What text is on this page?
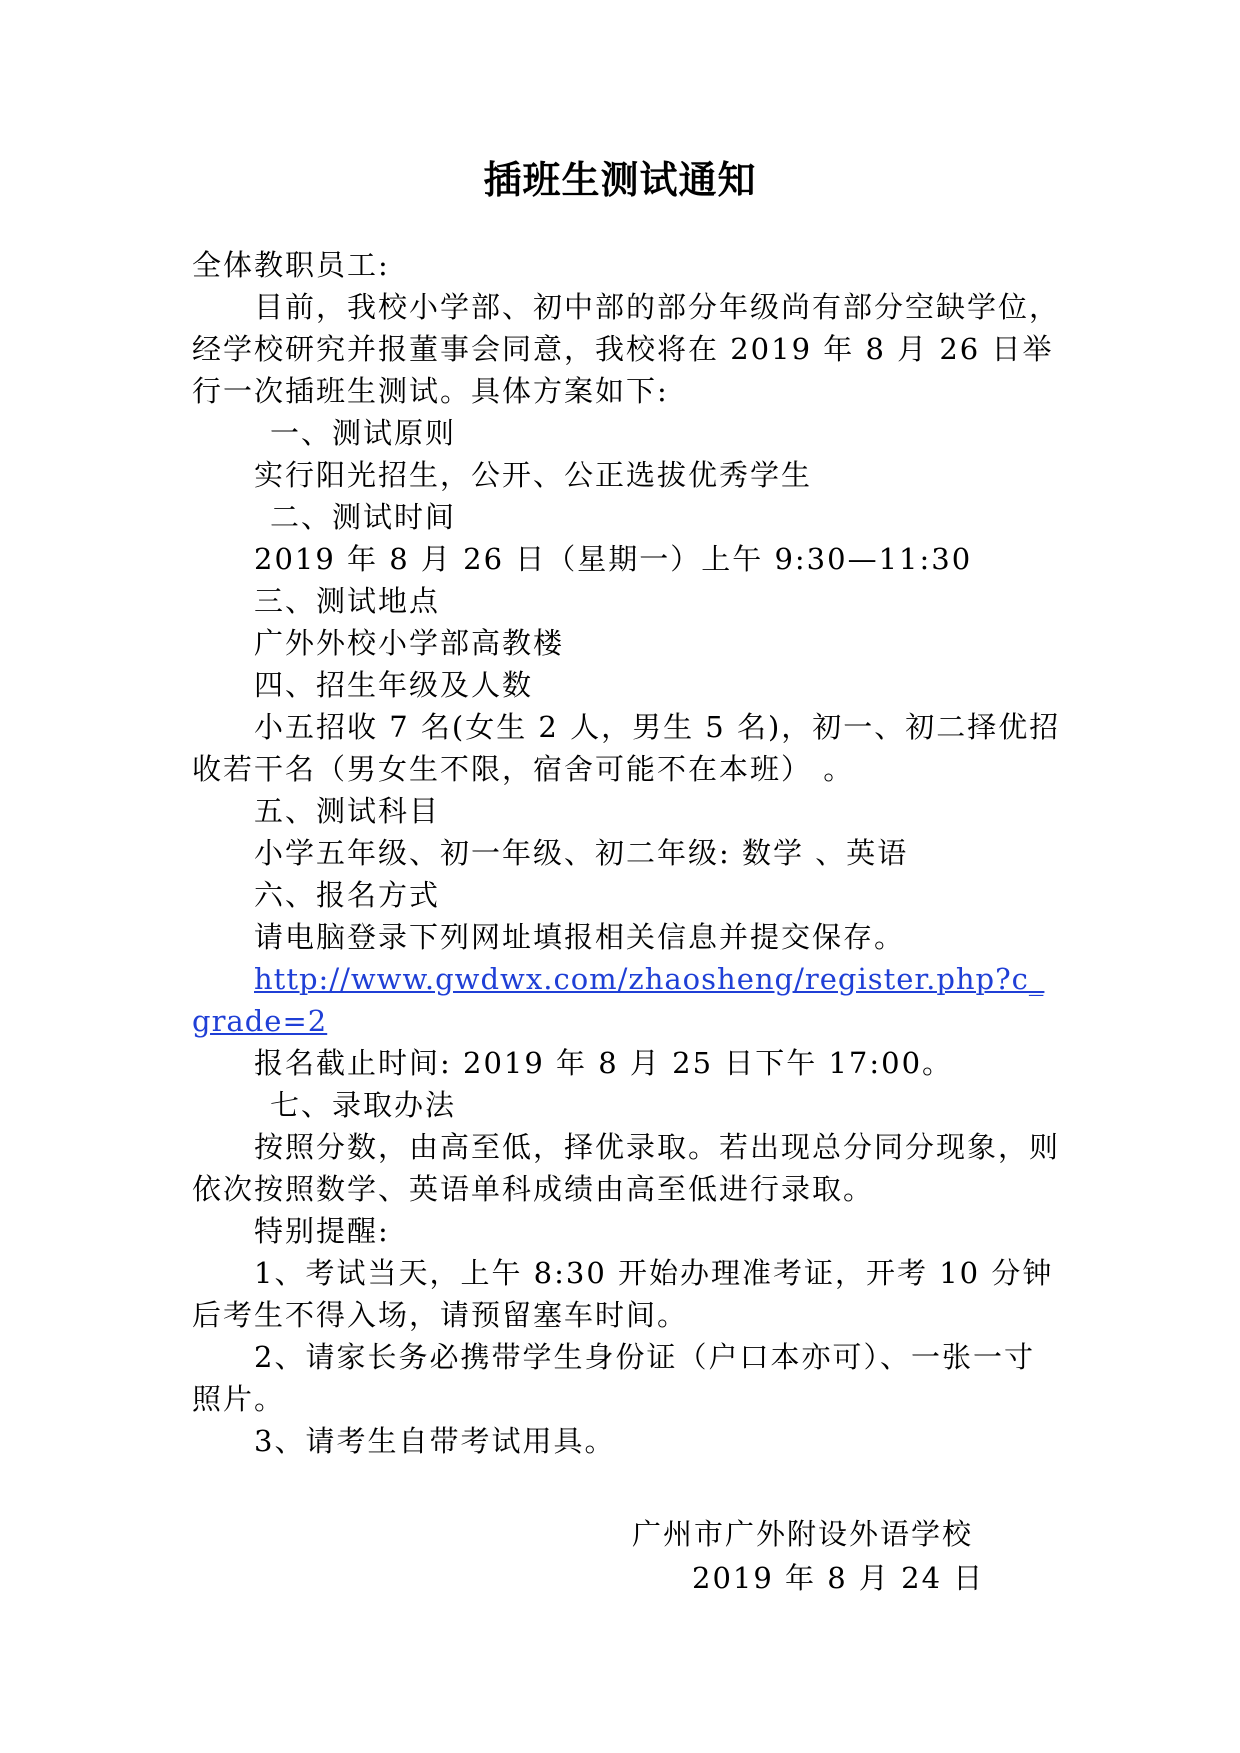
插班生测试通知

全体教职员工:

目前，我校小学部、初中部的部分年级尚有部分空缺学位，经学校研究并报董事会同意，我校将在 2019 年 8 月 26 日举行一次插班生测试。具体方案如下:

一、测试原则

实行阳光招生，公开、公正选拔优秀学生

二、测试时间

2019 年 8 月 26 日（星期一）上午 9:30—11:30

三、测试地点

广外外校小学部高教楼

四、招生年级及人数

小五招收 7 名(女生 2 人，男生 5 名)，初一、初二择优招收若干名（男女生不限，宿舍可能不在本班） 。

五、测试科目

小学五年级、初一年级、初二年级: 数学 、英语

六、报名方式

请电脑登录下列网址填报相关信息并提交保存。

http://www.gwdwx.com/zhaosheng/register.php?c_grade=2

报名截止时间: 2019 年 8 月 25 日下午 17:00。

七、录取办法

按照分数，由高至低，择优录取。若出现总分同分现象，则依次按照数学、英语单科成绩由高至低进行录取。

特别提醒:

1、考试当天，上午 8:30 开始办理准考证，开考 10 分钟后考生不得入场，请预留塞车时间。

2、请家长务必携带学生身份证（户口本亦可）、一张一寸照片。

3、请考生自带考试用具。

广州市广外附设外语学校
2019 年 8 月 24 日
